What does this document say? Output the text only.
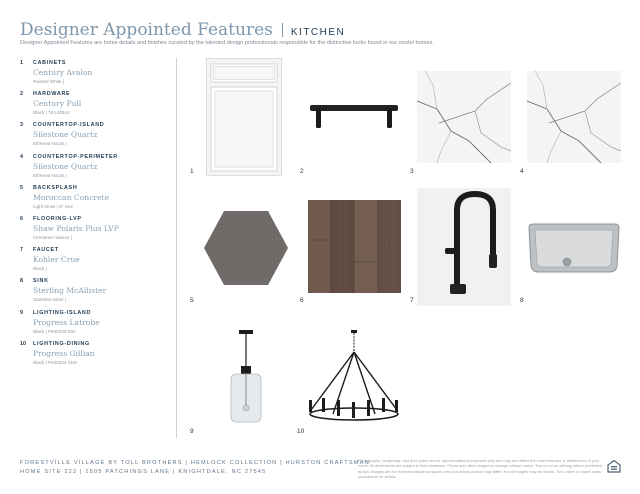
Designer Appointed Features KITCHEN
Designer Appointed Features are home details and finishes curated by the talented design professionals responsible for the distinctive looks found in our model homes.
1 CABINETS
Century Avalon
Painted White |
2 HARDWARE
Century Pull
Black | TK142BLK
3 COUNTERTOP-ISLAND
Silestone Quartz
Ethereal Noctis |
4 COUNTERTOP-PERIMETER
Silestone Quartz
Ethereal Noctis |
5 BACKSPLASH
Moroccan Concrete
Light Muse | 8" Hex
6 FLOORING-LVP
Shaw Polaris Plus LVP
Cinnamon Walnut |
7 FAUCET
Kohler Crue
Black |
8 SINK
Sterling McAllister
Stainless Steel |
9 LIGHTING-ISLAND
Progress Latrobe
Black | P500330-031
10 LIGHTING-DINING
Progress Gillian
Black | P400204-31M
1	2	3	4
5	6	7	8
9	10
FORESTVILLE VILLAGE BY TOLL BROTHERS | HEMLOCK COLLECTION | HURSTON CRAFTSMAN
HOME SITE 222 | 1505 PATCHINGS LANE | KNIGHTDALE, NC 27545
Photographs, renderings, and floor plans are for representational purposes only and may not reflect the exact features or dimensions of your home. All dimensions are subject to field variations. Prices and offers subject to change without notice. This is not an offering where prohibited by law. Images are for representational purposes only and actual product may differ. Not all images may be shown. See online or inside sales consultants for details.
